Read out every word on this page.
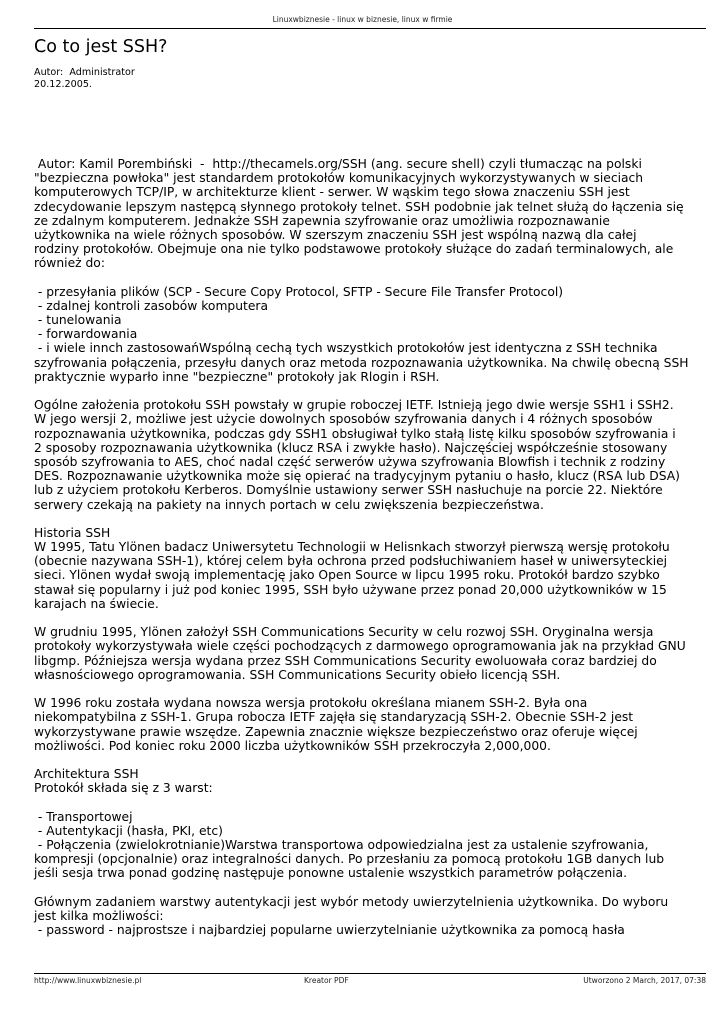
Linuxwbiznesie - linux w biznesie, linux w firmie
Co to jest SSH?
Autor:  Administrator
20.12.2005.
Autor: Kamil Porembiński  -  http://thecamels.org/SSH (ang. secure shell) czyli tłumacząc na polski
"bezpieczna powłoka" jest standardem protokołów komunikacyjnych wykorzystywanych w sieciach
komputerowych TCP/IP, w architekturze klient - serwer. W wąskim tego słowa znaczeniu SSH jest
zdecydowanie lepszym następcą słynnego protokoły telnet. SSH podobnie jak telnet służą do łączenia się
ze zdalnym komputerem. Jednakże SSH zapewnia szyfrowanie oraz umożliwia rozpoznawanie
użytkownika na wiele różnych sposobów. W szerszym znaczeniu SSH jest wspólną nazwą dla całej
rodziny protokołów. Obejmuje ona nie tylko podstawowe protokoły służące do zadań terminalowych, ale
również do:
- przesyłania plików (SCP - Secure Copy Protocol, SFTP - Secure File Transfer Protocol)
- zdalnej kontroli zasobów komputera
- tunelowania
- forwardowania
- i wiele innch zastosowańWspólną cechą tych wszystkich protokołów jest identyczna z SSH technika
szyfrowania połączenia, przesyłu danych oraz metoda rozpoznawania użytkownika. Na chwilę obecną SSH
praktycznie wyparło inne "bezpieczne" protokoły jak Rlogin i RSH.
Ogólne założenia protokołu SSH powstały w grupie roboczej IETF. Istnieją jego dwie wersje SSH1 i SSH2.
W jego wersji 2, możliwe jest użycie dowolnych sposobów szyfrowania danych i 4 różnych sposobów
rozpoznawania użytkownika, podczas gdy SSH1 obsługiwał tylko stałą listę kilku sposobów szyfrowania i
2 sposoby rozpoznawania użytkownika (klucz RSA i zwykłe hasło). Najczęściej współcześnie stosowany
sposób szyfrowania to AES, choć nadal część serwerów używa szyfrowania Blowfish i technik z rodziny
DES. Rozpoznawanie użytkownika może się opierać na tradycyjnym pytaniu o hasło, klucz (RSA lub DSA)
lub z użyciem protokołu Kerberos. Domyślnie ustawiony serwer SSH nasłuchuje na porcie 22. Niektóre
serwery czekają na pakiety na innych portach w celu zwiększenia bezpieczeństwa.
Historia SSH
W 1995, Tatu Ylönen badacz Uniwersytetu Technologii w Helisnkach stworzył pierwszą wersję protokołu
(obecnie nazywana SSH-1), której celem była ochrona przed podsłuchiwaniem haseł w uniwersyteckiej
sieci. Ylönen wydał swoją implementację jako Open Source w lipcu 1995 roku. Protokół bardzo szybko
stawał się popularny i już pod koniec 1995, SSH było używane przez ponad 20,000 użytkowników w 15
karajach na świecie.
W grudniu 1995, Ylönen założył SSH Communications Security w celu rozwoj SSH. Oryginalna wersja
protokoły wykorzystywała wiele części pochodzących z darmowego oprogramowania jak na przykład GNU
libgmp. Późniejsza wersja wydana przez SSH Communications Security ewoluowała coraz bardziej do
własnościowego oprogramowania. SSH Communications Security obieło licencją SSH.
W 1996 roku została wydana nowsza wersja protokołu określana mianem SSH-2. Była ona
niekompatybilna z SSH-1. Grupa robocza IETF zajęła się standaryzacją SSH-2. Obecnie SSH-2 jest
wykorzystywane prawie wszędze. Zapewnia znacznie większe bezpieczeństwo oraz oferuje więcej
możliwości. Pod koniec roku 2000 liczba użytkowników SSH przekroczyła 2,000,000.
Architektura SSH
Protokół składa się z 3 warst:
- Transportowej
- Autentykacji (hasła, PKI, etc)
- Połączenia (zwielokrotnianie)Warstwa transportowa odpowiedzialna jest za ustalenie szyfrowania,
kompresji (opcjonalnie) oraz integralności danych. Po przesłaniu za pomocą protokołu 1GB danych lub
jeśli sesja trwa ponad godzinę następuje ponowne ustalenie wszystkich parametrów połączenia.
Głównym zadaniem warstwy autentykacji jest wybór metody uwierzytelnienia użytkownika. Do wyboru
jest kilka możliwości:
- password - najprostsze i najbardziej popularne uwierzytelnianie użytkownika za pomocą hasła
http://www.linuxwbiznesie.pl	Kreator PDF	Utworzono 2 March, 2017, 07:38
